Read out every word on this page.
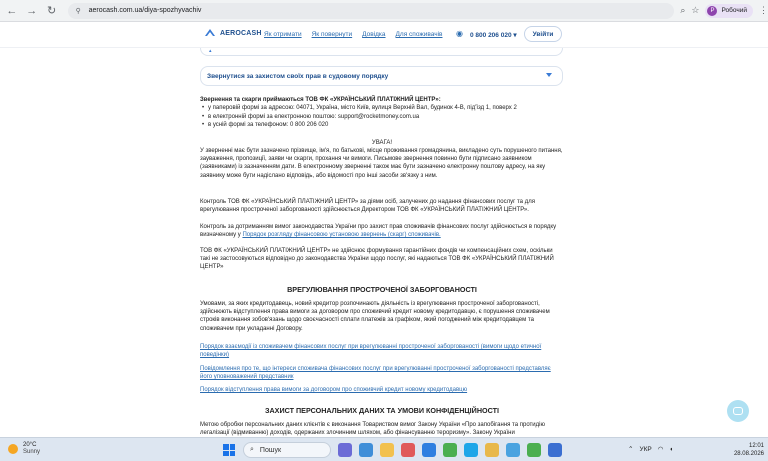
← → ↻	⚲	aerocash.com.ua/diya-spozhyvachiv	⌕ ☆	Р	Робочий ⋮
AEROCASH Як отримати Як повернути Довідка Для споживачів ◉ 0 800 206 020 ▾	Увійти
▴
Звернутися за захистом своїх прав в судовому порядку
Звернення та скарги приймаються ТОВ ФК «УКРАЇНСЬКИЙ ПЛАТІЖНИЙ ЦЕНТР»:
• у паперовій формі за адресою: 04071, Україна, місто Київ, вулиця Верхній Вал, будинок 4-В, під'їзд 1, поверх 2
• в електронній формі за електронною поштою: support@rocketmoney.com.ua
• в усній формі за телефоном: 0 800 206 020
УВАГА!
У зверненні має бути зазначено прізвище, ім'я, по батькові, місце проживання громадянина, викладено суть порушеного питання, зауваження, пропозиції, заяви чи скарги, прохання чи вимоги. Письмове звернення повинно бути підписано заявником (заявниками) із зазначенням дати. В електронному зверненні також має бути зазначено електронну поштову адресу, на яку заявнику може бути надіслано відповідь, або відомості про інші засоби зв'язку з ним.
Контроль ТОВ ФК «УКРАЇНСЬКИЙ ПЛАТІЖНИЙ ЦЕНТР» за діями осіб, залучених до надання фінансових послуг та для врегулювання простроченої заборгованості здійснюється Директором ТОВ ФК «УКРАЇНСЬКИЙ ПЛАТІЖНИЙ ЦЕНТР».
Контроль за дотриманням вимог законодавства України про захист прав споживачів фінансових послуг здійснюється в порядку визначеному у Порядок розгляду фінансовою установою звернень (скарг) споживачів.
ТОВ ФК «УКРАЇНСЬКИЙ ПЛАТІЖНИЙ ЦЕНТР» не здійснює формування гарантійних фондів чи компенсаційних схем, оскільки такі не застосовуються відповідно до законодавства України щодо послуг, які надаються ТОВ ФК «УКРАЇНСЬКИЙ ПЛАТІЖНИЙ ЦЕНТР»
ВРЕГУЛЮВАННЯ ПРОСТРОЧЕНОЇ ЗАБОРГОВАНОСТІ
Умовами, за яких кредитодавець, новий кредитор розпочинають діяльність із врегулювання простроченої заборгованості, здійснюють відступлення права вимоги за договором про споживчий кредит новому кредитодавцю, є порушення споживачем строків виконання зобов'язань щодо своєчасності сплати платежів за графіком, який погоджений між кредитодавцем та споживачем при укладанні Договору.
Порядок взаємодії із споживачем фінансових послуг при врегулюванні простроченої заборгованості (вимоги щодо етичної поведінки)
Повідомлення про те, що інтереси споживача фінансових послуг при врегулюванні простроченої заборгованості представляє його уповноважений представник
Порядок відступлення права вимоги за договором про споживчий кредит новому кредитодавцю
ЗАХИСТ ПЕРСОНАЛЬНИХ ДАНИХ ТА УМОВИ КОНФІДЕНЦІЙНОСТІ
Метою обробки персональних даних клієнтів є виконання Товариством вимог Закону України «Про запобігання та протидію легалізації (відмиванню) доходів, одержаних злочинним шляхом, або фінансуванню тероризму». Закону України
20°C
Sunny	⌕ Пошук	⌃ УКР ◠ ◖	12:01
28.08.2026
